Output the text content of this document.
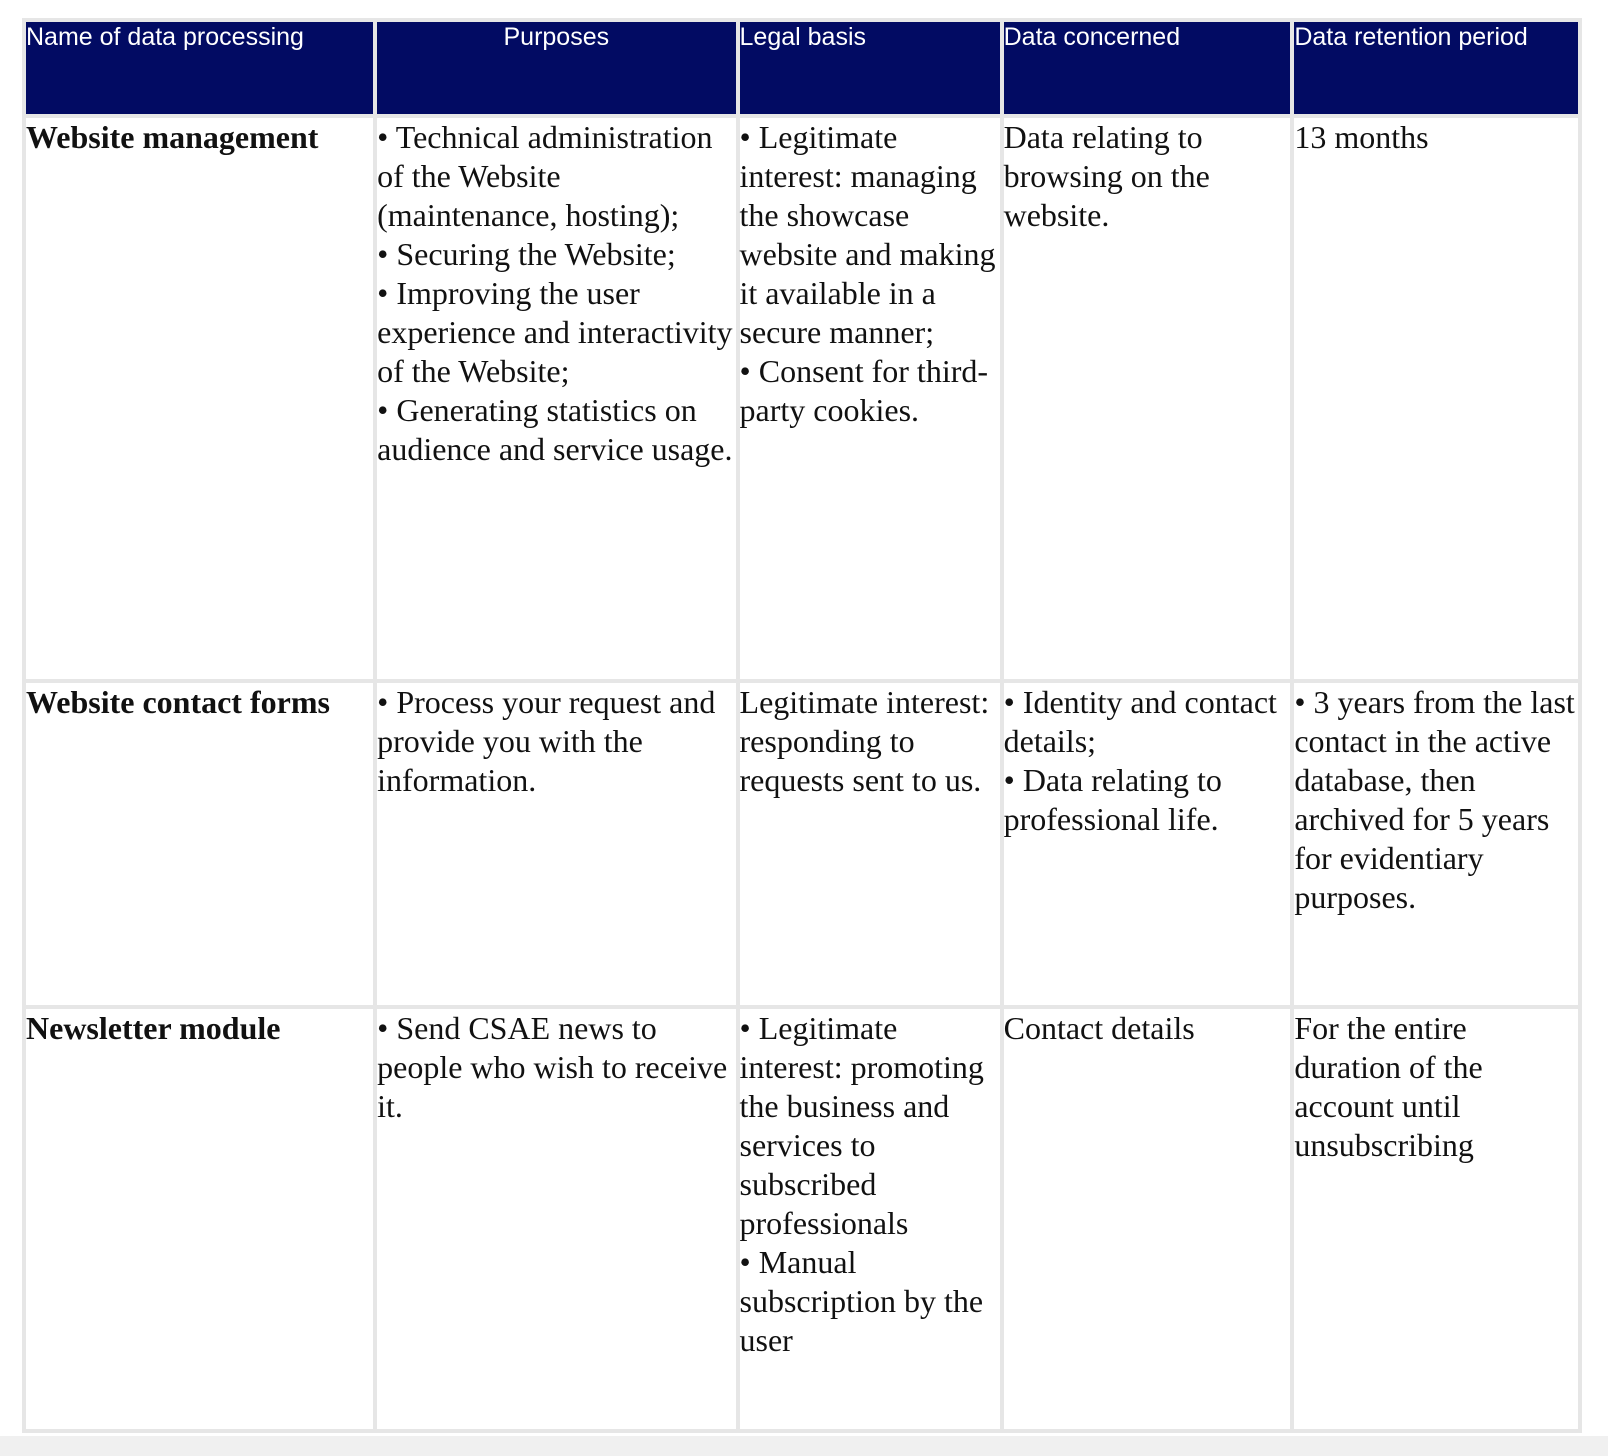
Name of data processing	Purposes	Legal basis	Data concerned	Data retention period
Website management	• Technical administration of the Website (maintenance, hosting);
• Securing the Website;
• Improving the user experience and interactivity of the Website;
• Generating statistics on audience and service usage.	• Legitimate interest: managing the showcase website and making it available in a secure manner;
• Consent for third-party cookies.	Data relating to browsing on the website.	13 months

Website contact forms	• Process your request and provide you with the information.	Legitimate interest: responding to requests sent to us.	• Identity and contact details;
• Data relating to professional life.	• 3 years from the last contact in the active database, then archived for 5 years for evidentiary purposes.

Newsletter module	• Send CSAE news to people who wish to receive it.	• Legitimate interest: promoting the business and services to subscribed professionals
• Manual subscription by the user	Contact details	For the entire duration of the account until unsubscribing
